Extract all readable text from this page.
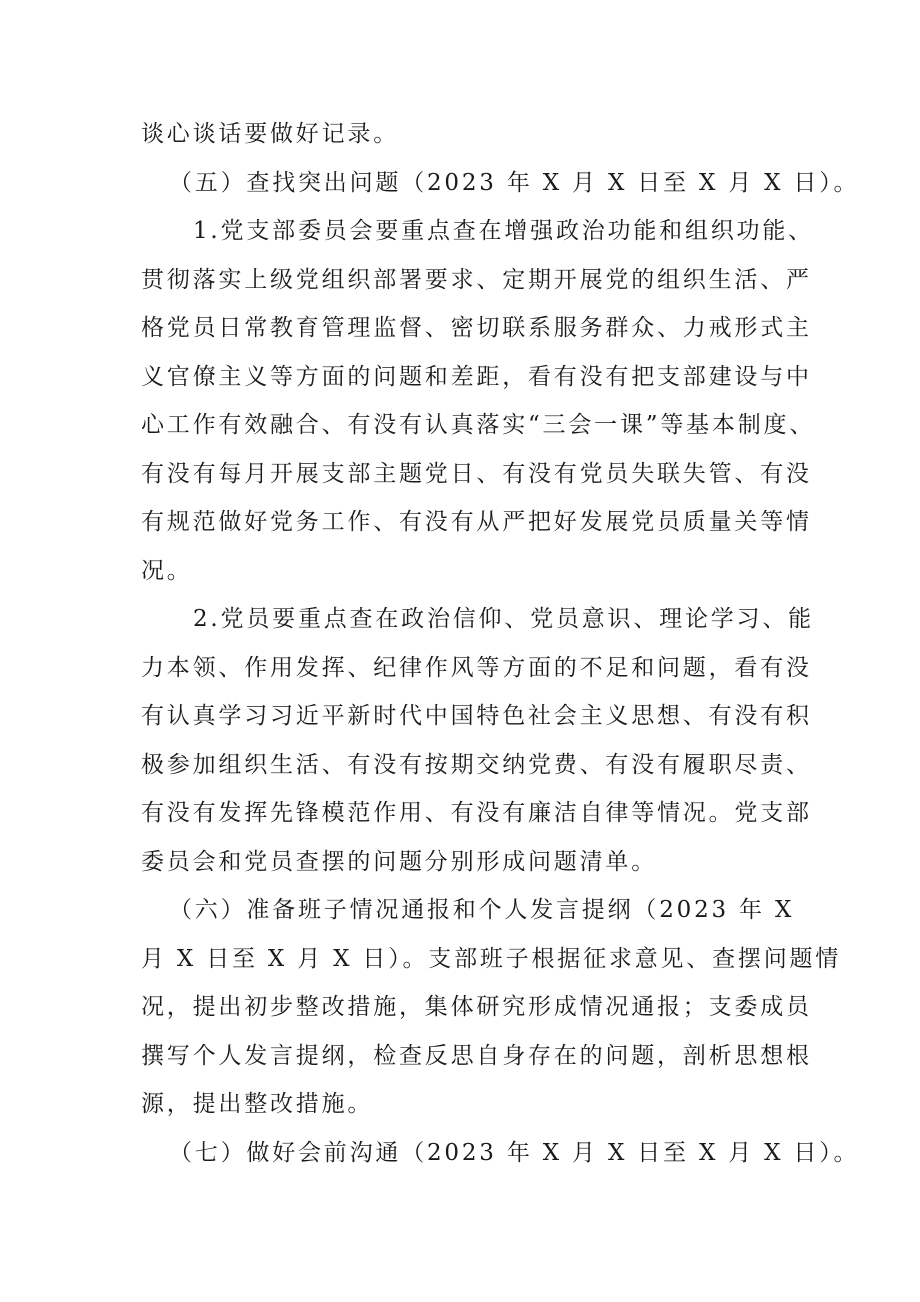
谈心谈话要做好记录。

（五）查找突出问题（2023 年 X 月 X 日至 X 月 X 日）。

1.党支部委员会要重点查在增强政治功能和组织功能、
贯彻落实上级党组织部署要求、定期开展党的组织生活、严
格党员日常教育管理监督、密切联系服务群众、力戒形式主
义官僚主义等方面的问题和差距，看有没有把支部建设与中
心工作有效融合、有没有认真落实“三会一课”等基本制度、
有没有每月开展支部主题党日、有没有党员失联失管、有没
有规范做好党务工作、有没有从严把好发展党员质量关等情
况。

2.党员要重点查在政治信仰、党员意识、理论学习、能
力本领、作用发挥、纪律作风等方面的不足和问题，看有没
有认真学习习近平新时代中国特色社会主义思想、有没有积
极参加组织生活、有没有按期交纳党费、有没有履职尽责、
有没有发挥先锋模范作用、有没有廉洁自律等情况。党支部
委员会和党员查摆的问题分别形成问题清单。

（六）准备班子情况通报和个人发言提纲（2023 年 X
月 X 日至 X 月 X 日）。支部班子根据征求意见、查摆问题情
况，提出初步整改措施，集体研究形成情况通报；支委成员
撰写个人发言提纲，检查反思自身存在的问题，剖析思想根
源，提出整改措施。

（七）做好会前沟通（2023 年 X 月 X 日至 X 月 X 日）。
